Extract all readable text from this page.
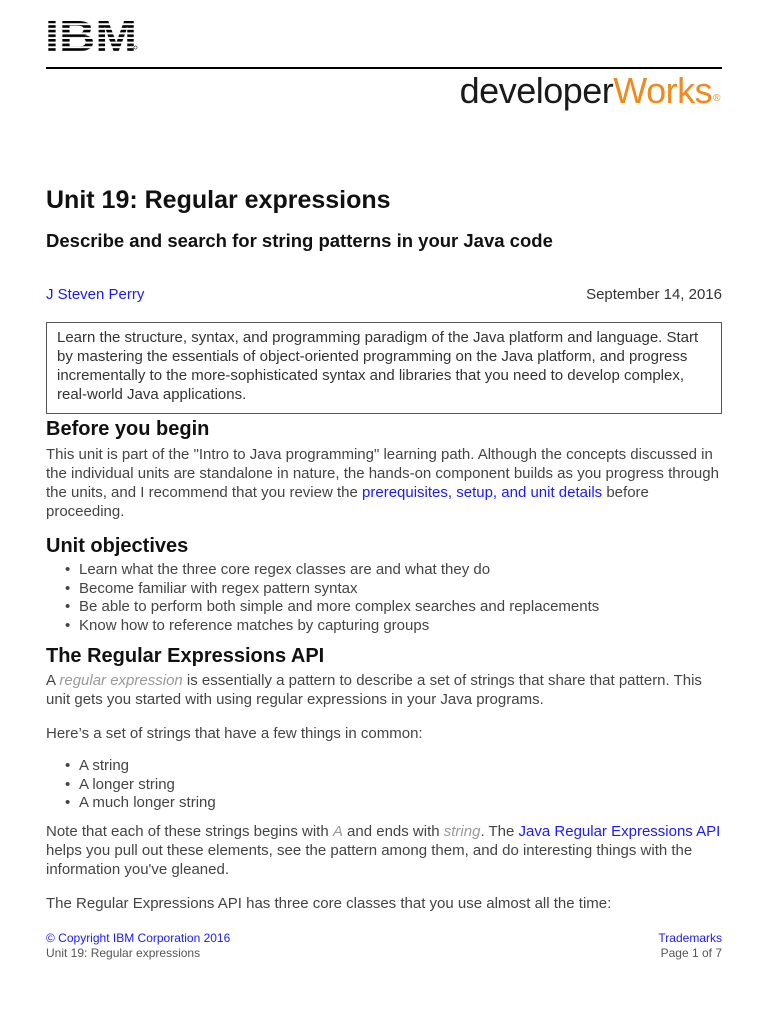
developerWorks®
Unit 19: Regular expressions
Describe and search for string patterns in your Java code
J Steven Perry	September 14, 2016
Learn the structure, syntax, and programming paradigm of the Java platform and language. Start by mastering the essentials of object-oriented programming on the Java platform, and progress incrementally to the more-sophisticated syntax and libraries that you need to develop complex, real-world Java applications.
Before you begin

This unit is part of the "Intro to Java programming" learning path. Although the concepts discussed in the individual units are standalone in nature, the hands-on component builds as you progress through the units, and I recommend that you review the prerequisites, setup, and unit details before proceeding.

Unit objectives
• Learn what the three core regex classes are and what they do
• Become familiar with regex pattern syntax
• Be able to perform both simple and more complex searches and replacements
• Know how to reference matches by capturing groups
The Regular Expressions API

A regular expression is essentially a pattern to describe a set of strings that share that pattern. This unit gets you started with using regular expressions in your Java programs.

Here’s a set of strings that have a few things in common:

• A string
• A longer string
• A much longer string

Note that each of these strings begins with A and ends with string. The Java Regular Expressions API helps you pull out these elements, see the pattern among them, and do interesting things with the information you've gleaned.

The Regular Expressions API has three core classes that you use almost all the time:

© Copyright IBM Corporation 2016
Unit 19: Regular expressions
Trademarks
Page 1 of 7
